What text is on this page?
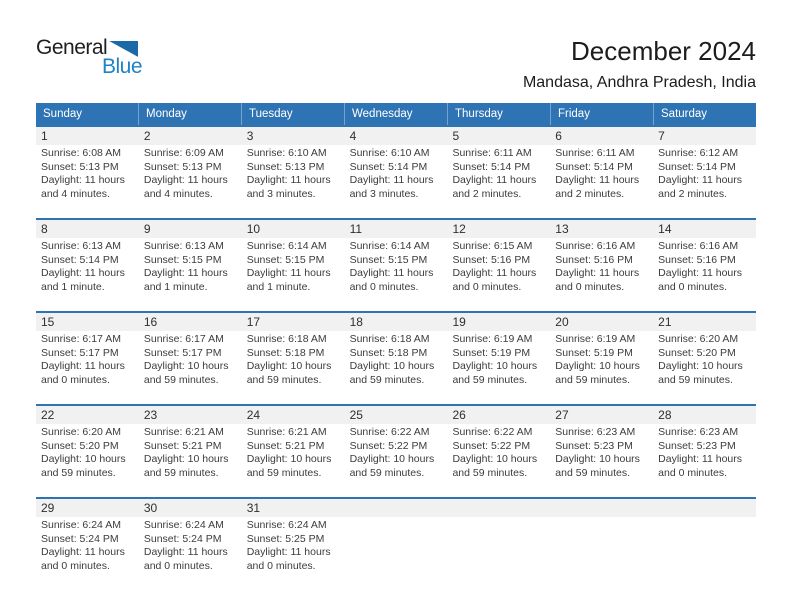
General
Blue
December 2024
Mandasa, Andhra Pradesh, India
Sunday	Monday	Tuesday	Wednesday	Thursday	Friday	Saturday
1	2	3	4	5	6	7
Sunrise: 6:08 AM
Sunset: 5:13 PM
Daylight: 11 hours and 4 minutes.
Sunrise: 6:09 AM
Sunset: 5:13 PM
Daylight: 11 hours and 4 minutes.
Sunrise: 6:10 AM
Sunset: 5:13 PM
Daylight: 11 hours and 3 minutes.
Sunrise: 6:10 AM
Sunset: 5:14 PM
Daylight: 11 hours and 3 minutes.
Sunrise: 6:11 AM
Sunset: 5:14 PM
Daylight: 11 hours and 2 minutes.
Sunrise: 6:11 AM
Sunset: 5:14 PM
Daylight: 11 hours and 2 minutes.
Sunrise: 6:12 AM
Sunset: 5:14 PM
Daylight: 11 hours and 2 minutes.
8	9	10	11	12	13	14
Sunrise: 6:13 AM
Sunset: 5:14 PM
Daylight: 11 hours and 1 minute.
Sunrise: 6:13 AM
Sunset: 5:15 PM
Daylight: 11 hours and 1 minute.
Sunrise: 6:14 AM
Sunset: 5:15 PM
Daylight: 11 hours and 1 minute.
Sunrise: 6:14 AM
Sunset: 5:15 PM
Daylight: 11 hours and 0 minutes.
Sunrise: 6:15 AM
Sunset: 5:16 PM
Daylight: 11 hours and 0 minutes.
Sunrise: 6:16 AM
Sunset: 5:16 PM
Daylight: 11 hours and 0 minutes.
Sunrise: 6:16 AM
Sunset: 5:16 PM
Daylight: 11 hours and 0 minutes.
15	16	17	18	19	20	21
Sunrise: 6:17 AM
Sunset: 5:17 PM
Daylight: 11 hours and 0 minutes.
Sunrise: 6:17 AM
Sunset: 5:17 PM
Daylight: 10 hours and 59 minutes.
Sunrise: 6:18 AM
Sunset: 5:18 PM
Daylight: 10 hours and 59 minutes.
Sunrise: 6:18 AM
Sunset: 5:18 PM
Daylight: 10 hours and 59 minutes.
Sunrise: 6:19 AM
Sunset: 5:19 PM
Daylight: 10 hours and 59 minutes.
Sunrise: 6:19 AM
Sunset: 5:19 PM
Daylight: 10 hours and 59 minutes.
Sunrise: 6:20 AM
Sunset: 5:20 PM
Daylight: 10 hours and 59 minutes.
22	23	24	25	26	27	28
Sunrise: 6:20 AM
Sunset: 5:20 PM
Daylight: 10 hours and 59 minutes.
Sunrise: 6:21 AM
Sunset: 5:21 PM
Daylight: 10 hours and 59 minutes.
Sunrise: 6:21 AM
Sunset: 5:21 PM
Daylight: 10 hours and 59 minutes.
Sunrise: 6:22 AM
Sunset: 5:22 PM
Daylight: 10 hours and 59 minutes.
Sunrise: 6:22 AM
Sunset: 5:22 PM
Daylight: 10 hours and 59 minutes.
Sunrise: 6:23 AM
Sunset: 5:23 PM
Daylight: 10 hours and 59 minutes.
Sunrise: 6:23 AM
Sunset: 5:23 PM
Daylight: 11 hours and 0 minutes.
29	30	31
Sunrise: 6:24 AM
Sunset: 5:24 PM
Daylight: 11 hours and 0 minutes.
Sunrise: 6:24 AM
Sunset: 5:24 PM
Daylight: 11 hours and 0 minutes.
Sunrise: 6:24 AM
Sunset: 5:25 PM
Daylight: 11 hours and 0 minutes.
